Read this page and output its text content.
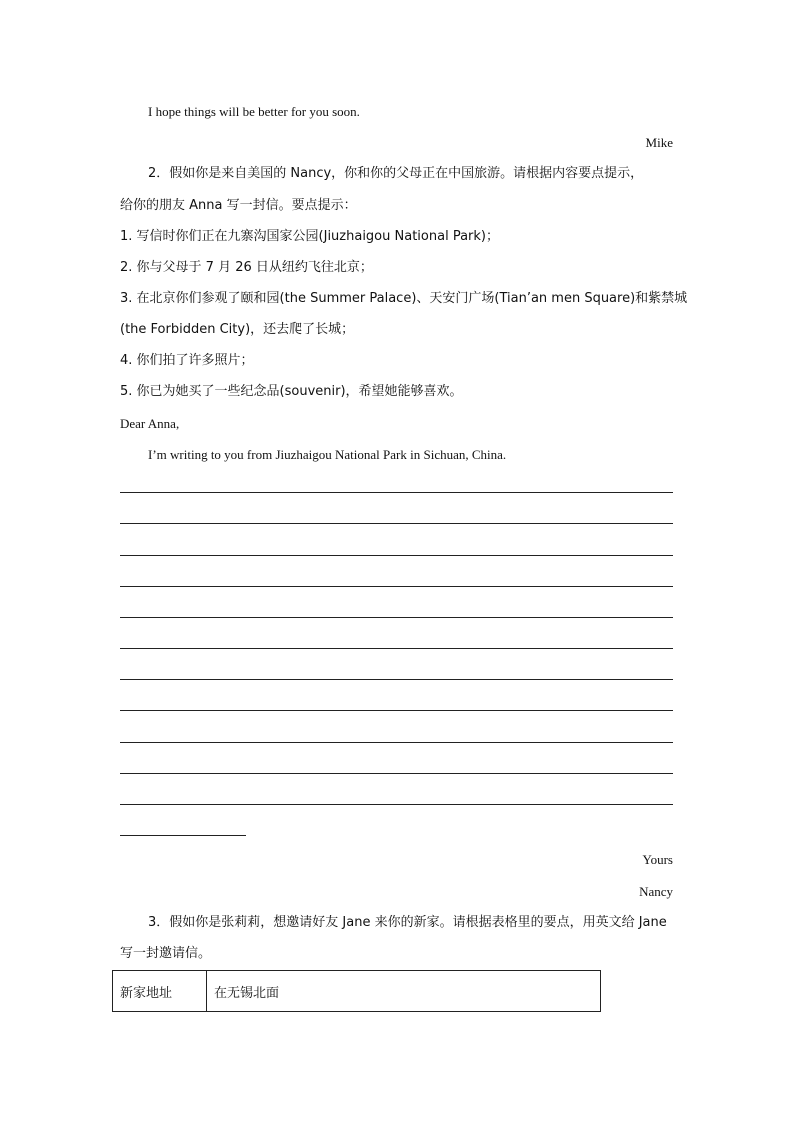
I hope things will be better for you soon.
Mike
2．假如你是来自美国的 Nancy，你和你的父母正在中国旅游。请根据内容要点提示，
给你的朋友 Anna 写一封信。要点提示：
1. 写信时你们正在九寨沟国家公园(Jiuzhaigou National Park)；
2. 你与父母于 7 月 26 日从纽约飞往北京；
3. 在北京你们参观了颐和园(the Summer Palace)、天安门广场(Tian’an men Square)和紫禁城
(the Forbidden City)，还去爬了长城；
4. 你们拍了许多照片；
5. 你已为她买了一些纪念品(souvenir)，希望她能够喜欢。
Dear Anna,
I’m writing to you from Jiuzhaigou National Park in Sichuan, China.
Yours
Nancy
3．假如你是张莉莉，想邀请好友 Jane 来你的新家。请根据表格里的要点，用英文给 Jane
写一封邀请信。
新家地址	在无锡北面
